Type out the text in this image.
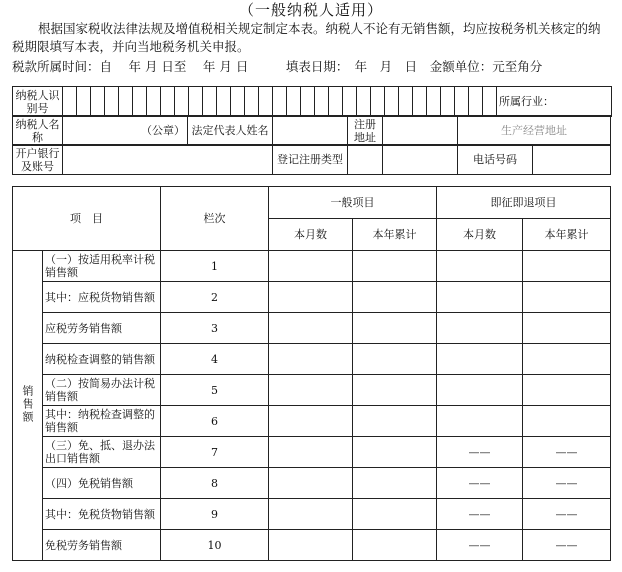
（一般纳税人适用）
根据国家税收法律法规及增值税相关规定制定本表。纳税人不论有无销售额，均应按税务机关核定的纳税期限填写本表，并向当地税务机关申报。
税款所属时间：自　 年 月 日至　 年 月 日　　　	填表日期：　 年　月　日　 金额单位：元至角分
纳税人识别号																																所属行业：
纳税人名称	（公章）	法定代表人姓名		注册地址		生产经营地址
开户银行及账号		登记注册类型			电话号码	
项　目		栏次	一般项目		即征即退项目	
			本月数	本年累计	本月数	本年累计
销售额	（一）按适用税率计税销售额	1				
	其中：应税货物销售额	2				
	应税劳务销售额	3				
	纳税检查调整的销售额	4				
	（二）按简易办法计税销售额	5				
	其中：纳税检查调整的销售额	6				
	（三）免、抵、退办法出口销售额	7			——	——
	（四）免税销售额	8			——	——
	其中：免税货物销售额	9			——	——
	免税劳务销售额	10			——	——
